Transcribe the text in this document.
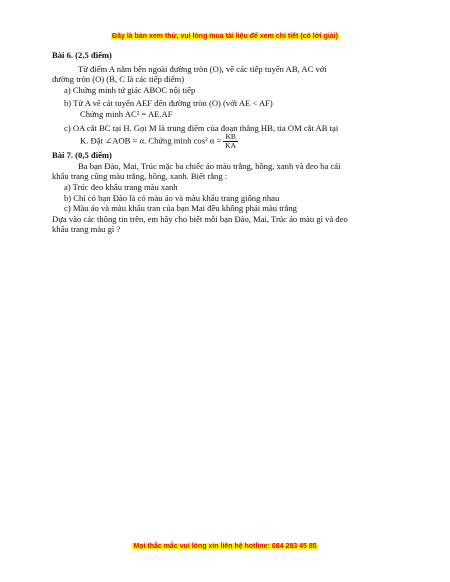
Đây là bản xem thử, vui lòng mua tài liệu để xem chi tiết (có lời giải)

Bài 6. (2,5 điểm)

Từ điểm A nằm bên ngoài đường tròn (O), vẽ các tiếp tuyến AB, AC với

đường tròn (O) (B, C là các tiếp điểm)

a) Chứng minh tứ giác ABOC nội tiếp

b) Từ A vẽ cát tuyến AEF đến đường tròn (O) (với AE < AF)

Chứng minh AC² = AE.AF

c) OA cắt BC tại H. Gọi M là trung điểm của đoạn thẳng HB, tia OM cắt AB tại

K. Đặt ∠AOB = α. Chứng minh cos² $\alpha = \frac{KB}{KA}$

Bài 7. (0,5 điểm)

Ba bạn Đào, Mai, Trúc mặc ba chiếc áo màu trắng, hồng, xanh và đeo ba cái

khẩu trang cũng màu trắng, hồng, xanh. Biết rằng :

a) Trúc đeo khẩu trang màu xanh

b) Chỉ có bạn Đào là có màu áo và màu khẩu trang giống nhau

c) Màu áo và màu khẩu tran của bạn Mai đều không phải màu trắng

Dựa vào các thông tin trên, em hãy cho biết mỗi bạn Đào, Mai, Trúc áo màu gì và đeo

khẩu trang màu gì ?

Mọi thắc mắc vui lòng xin liên hệ hotline: 084 283 45 85
